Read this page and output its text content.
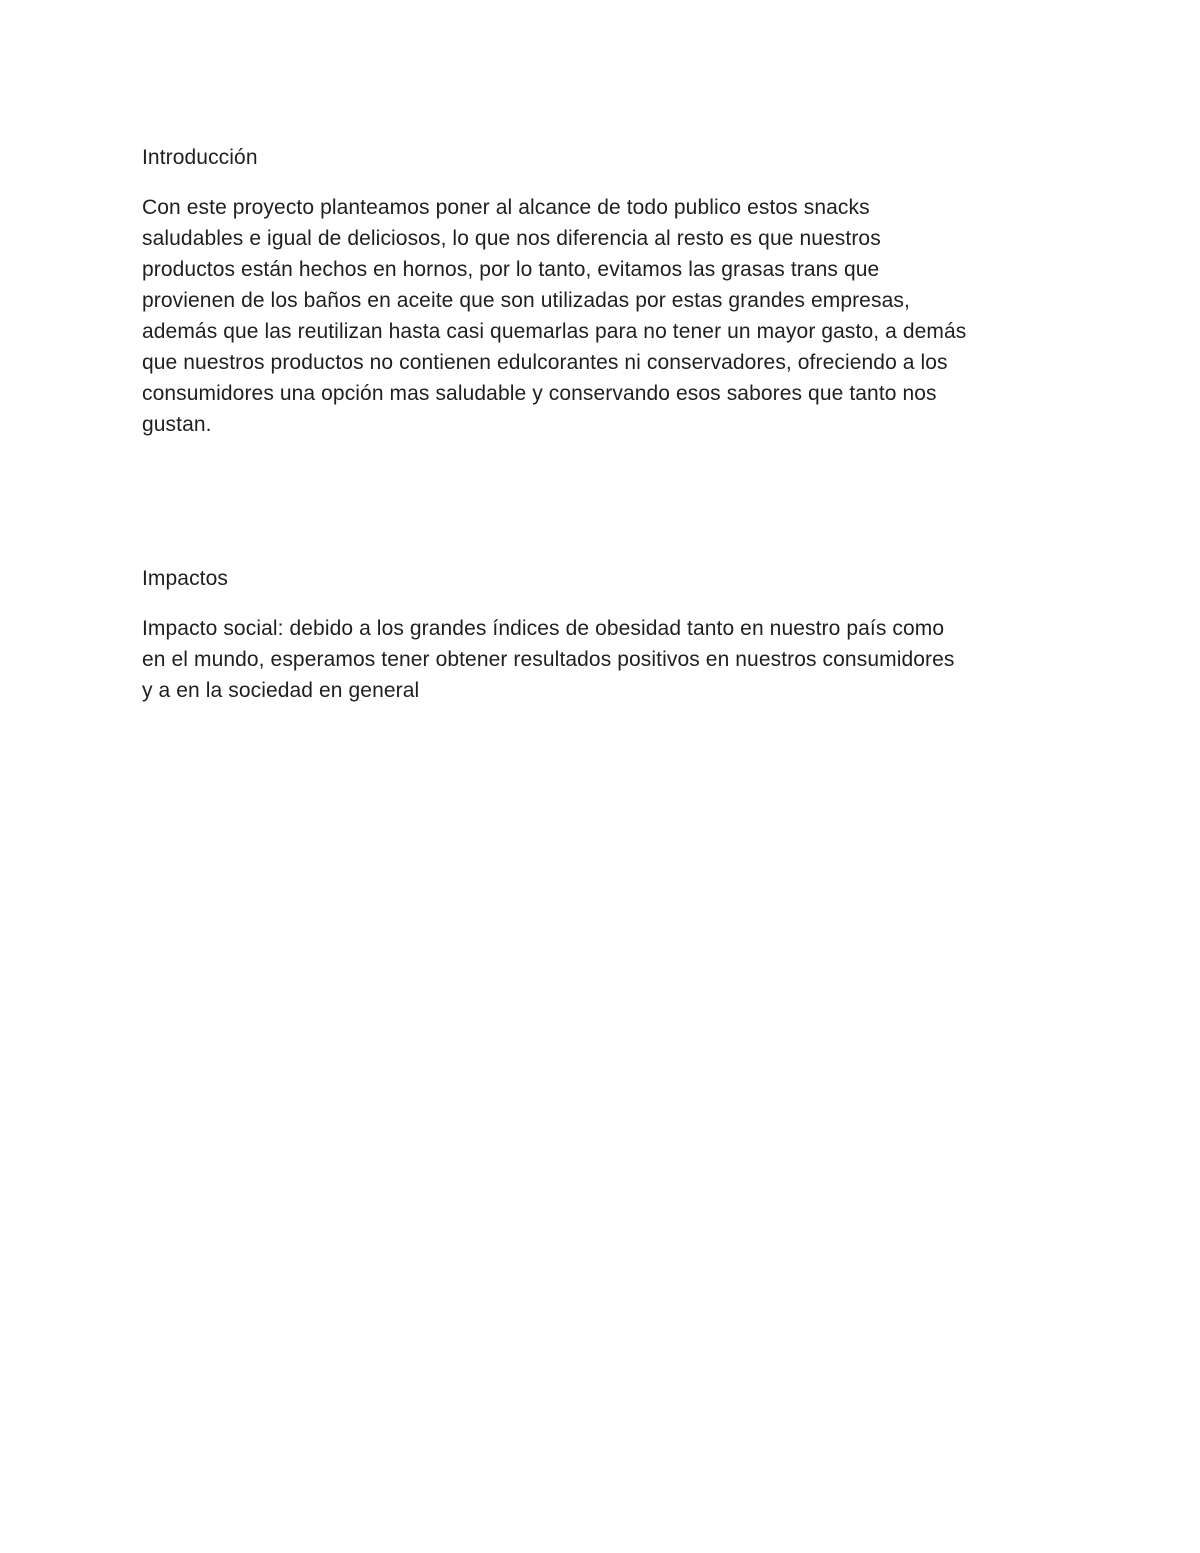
Introducción

Con este proyecto planteamos poner al alcance de todo publico estos snacks
saludables e igual de deliciosos, lo que nos diferencia al resto es que nuestros
productos están hechos en hornos, por lo tanto, evitamos las grasas trans que
provienen de los baños en aceite que son utilizadas por estas grandes empresas,
además que las reutilizan hasta casi quemarlas para no tener un mayor gasto, a demás
que nuestros productos no contienen edulcorantes ni conservadores, ofreciendo a los
consumidores una opción mas saludable y conservando esos sabores que tanto nos
gustan.

Impactos

Impacto social: debido a los grandes índices de obesidad tanto en nuestro país como
en el mundo, esperamos tener obtener resultados positivos en nuestros consumidores
y a en la sociedad en general
